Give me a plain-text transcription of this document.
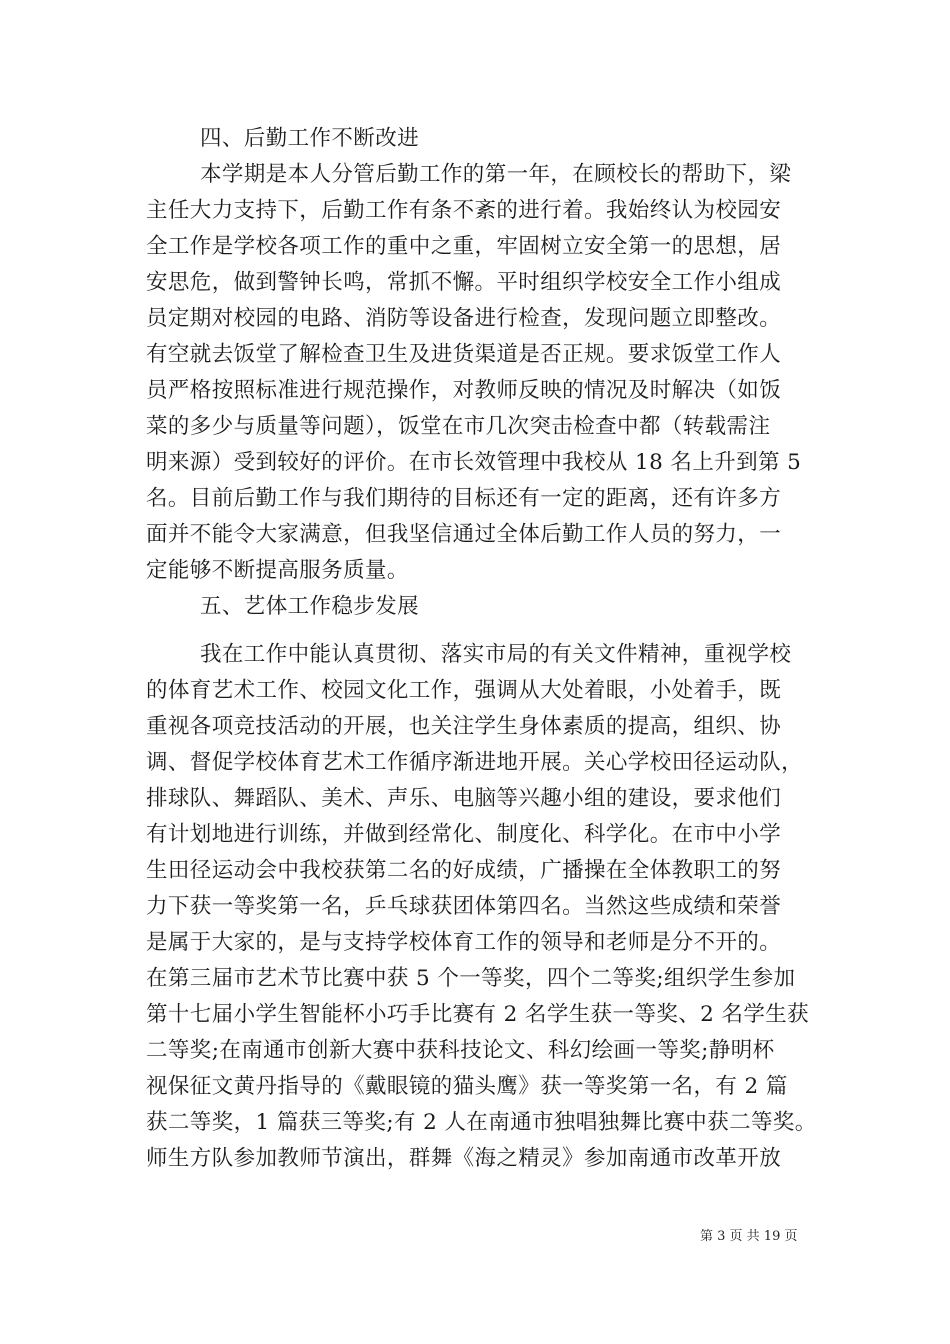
四、后勤工作不断改进
本学期是本人分管后勤工作的第一年，在顾校长的帮助下，梁
主任大力支持下，后勤工作有条不紊的进行着。我始终认为校园安
全工作是学校各项工作的重中之重，牢固树立安全第一的思想，居
安思危，做到警钟长鸣，常抓不懈。平时组织学校安全工作小组成
员定期对校园的电路、消防等设备进行检查，发现问题立即整改。
有空就去饭堂了解检查卫生及进货渠道是否正规。要求饭堂工作人
员严格按照标准进行规范操作，对教师反映的情况及时解决（如饭
菜的多少与质量等问题），饭堂在市几次突击检查中都（转载需注
明来源）受到较好的评价。在市长效管理中我校从 18 名上升到第 5
名。目前后勤工作与我们期待的目标还有一定的距离，还有许多方
面并不能令大家满意，但我坚信通过全体后勤工作人员的努力，一
定能够不断提高服务质量。
五、艺体工作稳步发展
我在工作中能认真贯彻、落实市局的有关文件精神，重视学校
的体育艺术工作、校园文化工作，强调从大处着眼，小处着手，既
重视各项竞技活动的开展，也关注学生身体素质的提高，组织、协
调、督促学校体育艺术工作循序渐进地开展。关心学校田径运动队，
排球队、舞蹈队、美术、声乐、电脑等兴趣小组的建设，要求他们
有计划地进行训练，并做到经常化、制度化、科学化。在市中小学
生田径运动会中我校获第二名的好成绩，广播操在全体教职工的努
力下获一等奖第一名，乒乓球获团体第四名。当然这些成绩和荣誉
是属于大家的，是与支持学校体育工作的领导和老师是分不开的。
在第三届市艺术节比赛中获 5 个一等奖，四个二等奖;组织学生参加
第十七届小学生智能杯小巧手比赛有 2 名学生获一等奖、2 名学生获
二等奖;在南通市创新大赛中获科技论文、科幻绘画一等奖;静明杯
视保征文黄丹指导的《戴眼镜的猫头鹰》获一等奖第一名，有 2 篇
获二等奖，1 篇获三等奖;有 2 人在南通市独唱独舞比赛中获二等奖。
师生方队参加教师节演出，群舞《海之精灵》参加南通市改革开放
第 3 页 共 19 页
